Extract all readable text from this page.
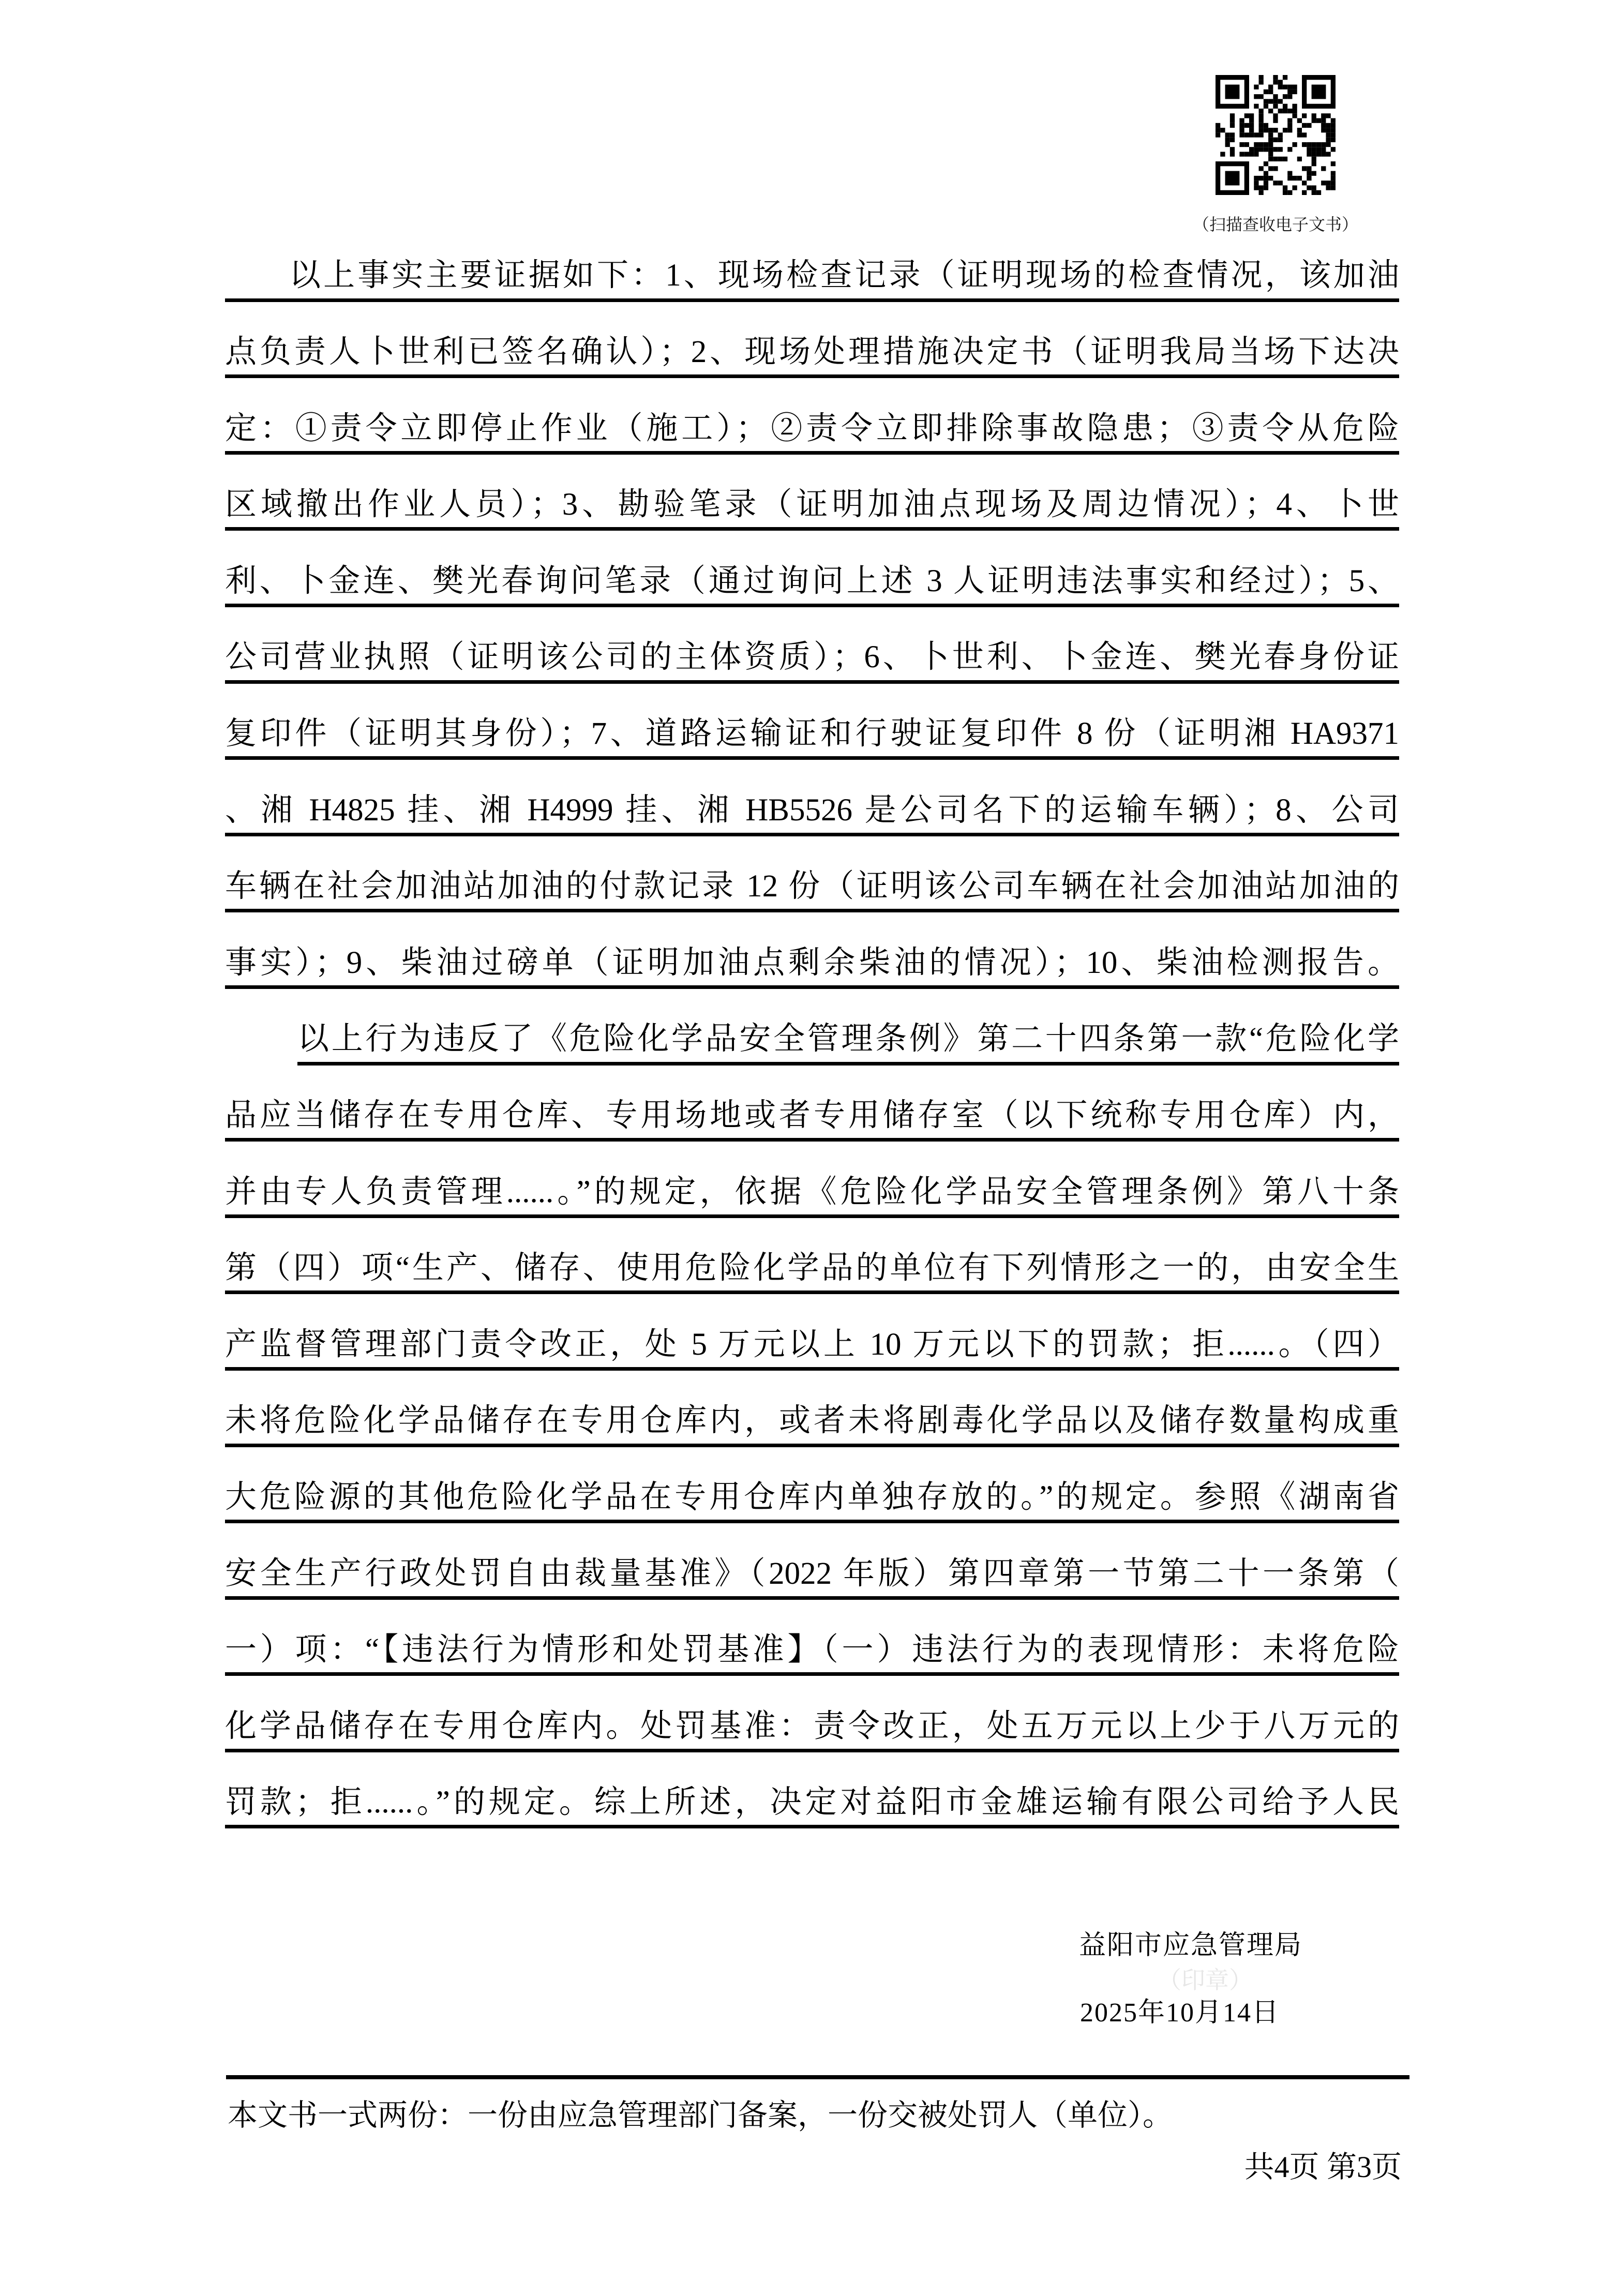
（扫描查收电子文书）
以上事实主要证据如下：1、现场检查记录（证明现场的检查情况，该加油
点负责人卜世利已签名确认）；2、现场处理措施决定书（证明我局当场下达决
定：①责令立即停止作业（施工）；②责令立即排除事故隐患；③责令从危险
区域撤出作业人员）；3、勘验笔录（证明加油点现场及周边情况）；4、卜世
利、卜金连、樊光春询问笔录（通过询问上述 3 人证明违法事实和经过）；5、
公司营业执照（证明该公司的主体资质）；6、卜世利、卜金连、樊光春身份证
复印件（证明其身份）；7、道路运输证和行驶证复印件 8 份（证明湘 HA9371
、湘 H4825 挂、湘 H4999 挂、湘 HB5526 是公司名下的运输车辆）；8、公司
车辆在社会加油站加油的付款记录 12 份（证明该公司车辆在社会加油站加油的
事实）；9、柴油过磅单（证明加油点剩余柴油的情况）；10、柴油检测报告。
以上行为违反了《危险化学品安全管理条例》第二十四条第一款“危险化学
品应当储存在专用仓库、专用场地或者专用储存室（以下统称专用仓库）内，
并由专人负责管理......。”的规定，依据《危险化学品安全管理条例》第八十条
第（四）项“生产、储存、使用危险化学品的单位有下列情形之一的，由安全生
产监督管理部门责令改正，处 5 万元以上 10 万元以下的罚款；拒......。（四）
未将危险化学品储存在专用仓库内，或者未将剧毒化学品以及储存数量构成重
大危险源的其他危险化学品在专用仓库内单独存放的。”的规定。参照《湖南省
安全生产行政处罚自由裁量基准》（2022 年版）第四章第一节第二十一条第（
一）项：“【违法行为情形和处罚基准】（一）违法行为的表现情形：未将危险
化学品储存在专用仓库内。处罚基准：责令改正，处五万元以上少于八万元的
罚款；拒......。”的规定。综上所述，决定对益阳市金雄运输有限公司给予人民
益阳市应急管理局
（印章）
2025年10月14日
本文书一式两份：一份由应急管理部门备案，一份交被处罚人（单位）。
共4页 第3页
